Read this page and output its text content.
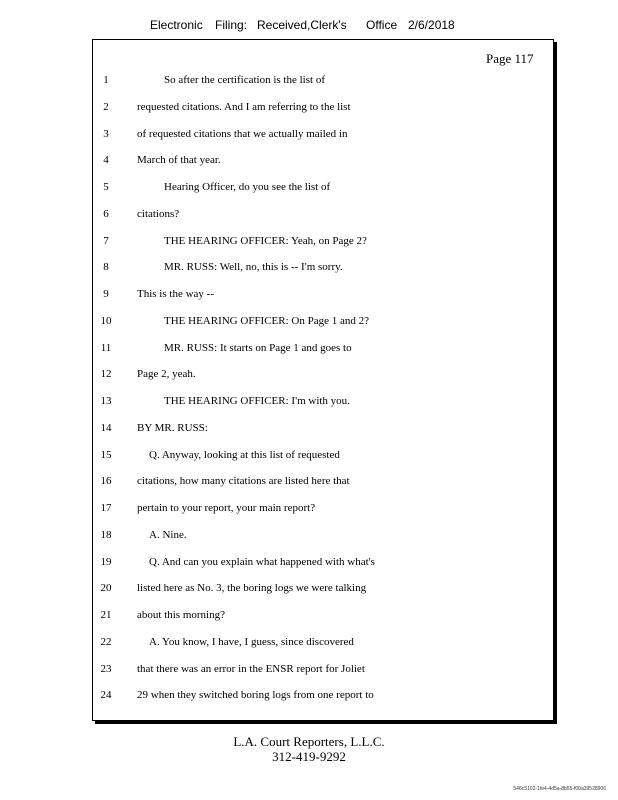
Electronic Filing: Received,Clerk's Office 2/6/2018
Page 117
1	So after the certification is the list of
2	requested citations. And I am referring to the list
3	of requested citations that we actually mailed in
4	March of that year.
5	Hearing Officer, do you see the list of
6	citations?
7	THE HEARING OFFICER: Yeah, on Page 2?
8	MR. RUSS: Well, no, this is -- I'm sorry.
9	This is the way --
10	THE HEARING OFFICER: On Page 1 and 2?
11	MR. RUSS: It starts on Page 1 and goes to
12	Page 2, yeah.
13	THE HEARING OFFICER: I'm with you.
14	BY MR. RUSS:
15	Q. Anyway, looking at this list of requested
16	citations, how many citations are listed here that
17	pertain to your report, your main report?
18	A. Nine.
19	Q. And can you explain what happened with what's
20	listed here as No. 3, the boring logs we were talking
21	about this morning?
22	A. You know, I have, I guess, since discovered
23	that there was an error in the ENSR report for Joliet
24	29 when they switched boring logs from one report to
L.A. Court Reporters, L.L.C.
312-419-9292
546c5102-1fe4-4d5a-8b55-f00a39528906
